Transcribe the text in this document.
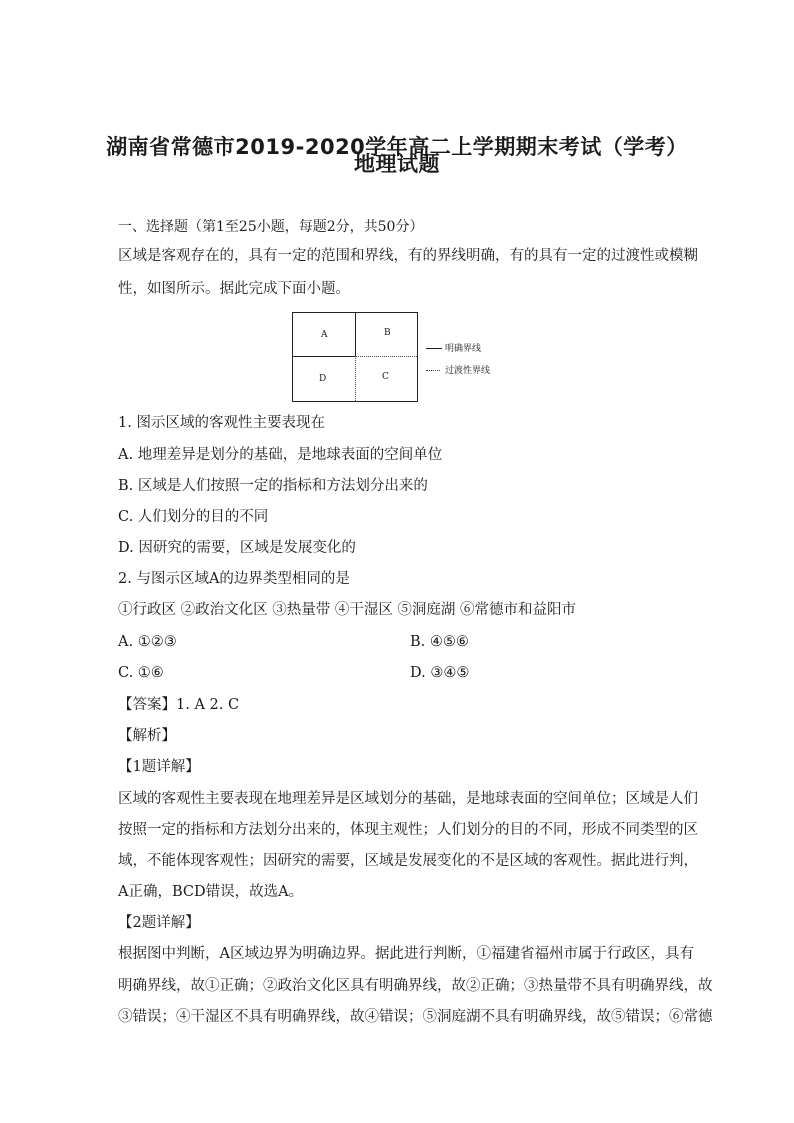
湖南省常德市2019-2020学年高二上学期期末考试（学考）
地理试题
一、选择题（第1至25小题，每题2分，共50分）
区域是客观存在的，具有一定的范围和界线，有的界线明确，有的具有一定的过渡性或模糊
性，如图所示。据此完成下面小题。
A	B
D	C
明确界线
过渡性界线
1. 图示区域的客观性主要表现在
A. 地理差异是划分的基础，是地球表面的空间单位
B. 区域是人们按照一定的指标和方法划分出来的
C. 人们划分的目的不同
D. 因研究的需要，区域是发展变化的
2. 与图示区域A的边界类型相同的是
①行政区 ②政治文化区 ③热量带 ④干湿区 ⑤洞庭湖 ⑥常德市和益阳市
A. ①②③	B. ④⑤⑥
C. ①⑥	D. ③④⑤
【答案】1. A 2. C
【解析】
【1题详解】
区域的客观性主要表现在地理差异是区域划分的基础，是地球表面的空间单位；区域是人们
按照一定的指标和方法划分出来的，体现主观性；人们划分的目的不同，形成不同类型的区
域，不能体现客观性；因研究的需要，区域是发展变化的不是区域的客观性。据此进行判，
A正确，BCD错误，故选A。
【2题详解】
根据图中判断，A区域边界为明确边界。据此进行判断，①福建省福州市属于行政区，具有
明确界线，故①正确；②政治文化区具有明确界线，故②正确；③热量带不具有明确界线，故
③错误；④干湿区不具有明确界线，故④错误；⑤洞庭湖不具有明确界线，故⑤错误；⑥常德
